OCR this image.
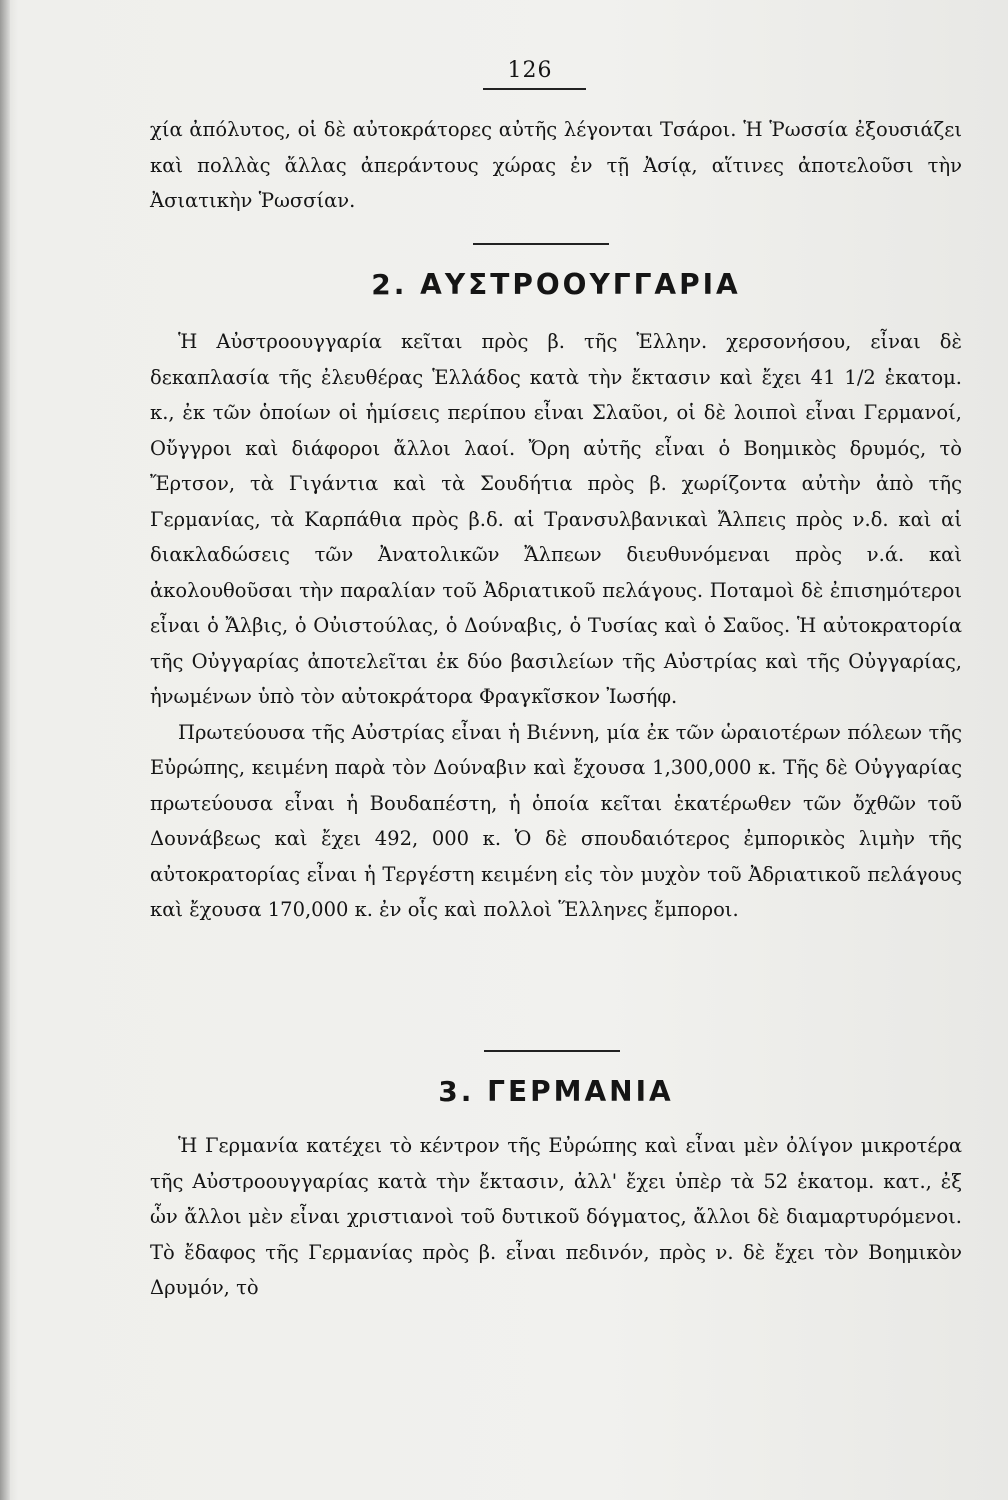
126

χία ἀπόλυτος, οἱ δὲ αὐτοκράτορες αὐτῆς λέγονται Τσάροι. Ἡ Ῥωσσία ἐξουσιάζει καὶ πολλὰς ἄλλας ἀπεράντους χώρας ἐν τῇ Ἀσίᾳ, αἵτινες ἀποτελοῦσι τὴν Ἀσιατικὴν Ῥωσσίαν.

2. ΑΥΣΤΡΟΟΥΓΓΑΡΙΑ

Ἡ Αὐστροουγγαρία κεῖται πρὸς β. τῆς Ἑλλην. χερσονήσου, εἶναι δὲ δεκαπλασία τῆς ἐλευθέρας Ἑλλάδος κατὰ τὴν ἔκτασιν καὶ ἔχει 41 1/2 ἑκατομ. κ., ἐκ τῶν ὁποίων οἱ ἡμίσεις περίπου εἶναι Σλαῦοι, οἱ δὲ λοιποὶ εἶναι Γερμανοί, Οὔγγροι καὶ διάφοροι ἄλλοι λαοί. Ὄρη αὐτῆς εἶναι ὁ Βοημικὸς δρυμός, τὸ Ἔρτσον, τὰ Γιγάντια καὶ τὰ Σουδήτια πρὸς β. χωρίζοντα αὐτὴν ἀπὸ τῆς Γερμανίας, τὰ Καρπάθια πρὸς β.δ. αἱ Τρανσυλβανικαὶ Ἄλπεις πρὸς ν.δ. καὶ αἱ διακλαδώσεις τῶν Ἀνατολικῶν Ἄλπεων διευθυνόμεναι πρὸς ν.ά. καὶ ἀκολουθοῦσαι τὴν παραλίαν τοῦ Ἀδριατικοῦ πελάγους. Ποταμοὶ δὲ ἐπισημότεροι εἶναι ὁ Ἄλβις, ὁ Οὐιστούλας, ὁ Δούναβις, ὁ Τυσίας καὶ ὁ Σαῦος. Ἡ αὐτοκρατορία τῆς Οὐγγαρίας ἀποτελεῖται ἐκ δύο βασιλείων τῆς Αὐστρίας καὶ τῆς Οὐγγαρίας, ἡνωμένων ὑπὸ τὸν αὐτοκράτορα Φραγκῖσκον Ἰωσήφ.

Πρωτεύουσα τῆς Αὐστρίας εἶναι ἡ Βιέννη, μία ἐκ τῶν ὡραιοτέρων πόλεων τῆς Εὐρώπης, κειμένη παρὰ τὸν Δούναβιν καὶ ἔχουσα 1,300,000 κ. Τῆς δὲ Οὐγγαρίας πρωτεύουσα εἶναι ἡ Βουδαπέστη, ἡ ὁποία κεῖται ἑκατέρωθεν τῶν ὄχθῶν τοῦ Δουνάβεως καὶ ἔχει 492, 000 κ. Ὁ δὲ σπουδαιότερος ἐμπορικὸς λιμὴν τῆς αὐτοκρατορίας εἶναι ἡ Τεργέστη κειμένη εἰς τὸν μυχὸν τοῦ Ἀδριατικοῦ πελάγους καὶ ἔχουσα 170,000 κ. ἐν οἷς καὶ πολλοὶ Ἕλληνες ἔμποροι.

3. ΓΕΡΜΑΝΙΑ

Ἡ Γερμανία κατέχει τὸ κέντρον τῆς Εὐρώπης καὶ εἶναι μὲν ὀλίγον μικροτέρα τῆς Αὐστροουγγαρίας κατὰ τὴν ἔκτασιν, ἀλλ' ἔχει ὑπὲρ τὰ 52 ἑκατομ. κατ., ἐξ ὧν ἄλλοι μὲν εἶναι χριστιανοὶ τοῦ δυτικοῦ δόγματος, ἄλλοι δὲ διαμαρτυρόμενοι. Τὸ ἔδαφος τῆς Γερμανίας πρὸς β. εἶναι πεδινόν, πρὸς ν. δὲ ἔχει τὸν Βοημικὸν Δρυμόν, τὸ
